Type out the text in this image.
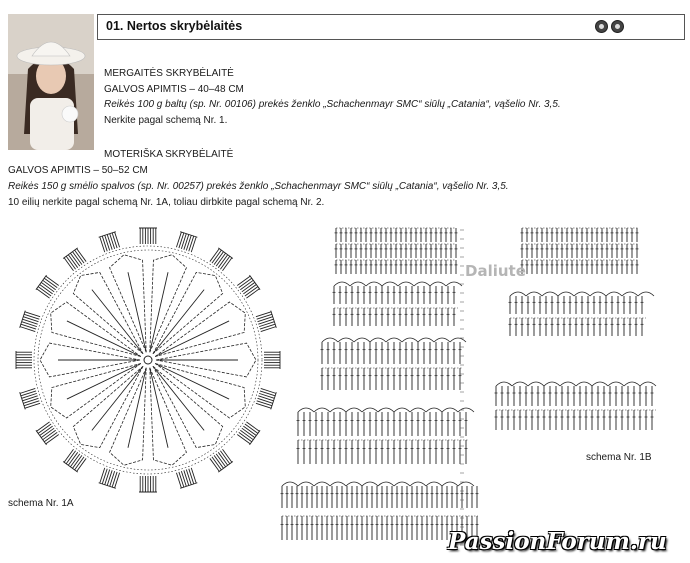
01. Nertos skrybėlaitės
MERGAITĖS SKRYBĖLAITĖ
GALVOS APIMTIS – 40–48 CM
Reikės 100 g baltų (sp. Nr. 00106) prekės ženklo „Schachenmayr SMC“ siūlų „Catania“, vąšelio Nr. 3,5.
Nerkite pagal schemą Nr. 1.
MOTERIŠKA SKRYBĖLAITĖ
GALVOS APIMTIS – 50–52 CM
Reikės 150 g smėlio spalvos (sp. Nr. 00257) prekės ženklo „Schachenmayr SMC“ siūlų „Catania“, vąšelio Nr. 3,5.
10 eilių nerkite pagal schemą Nr. 1A, toliau dirbkite pagal schemą Nr. 2.
schema Nr. 1A
schema Nr. 1B
Daliute
PassionForum.ru
